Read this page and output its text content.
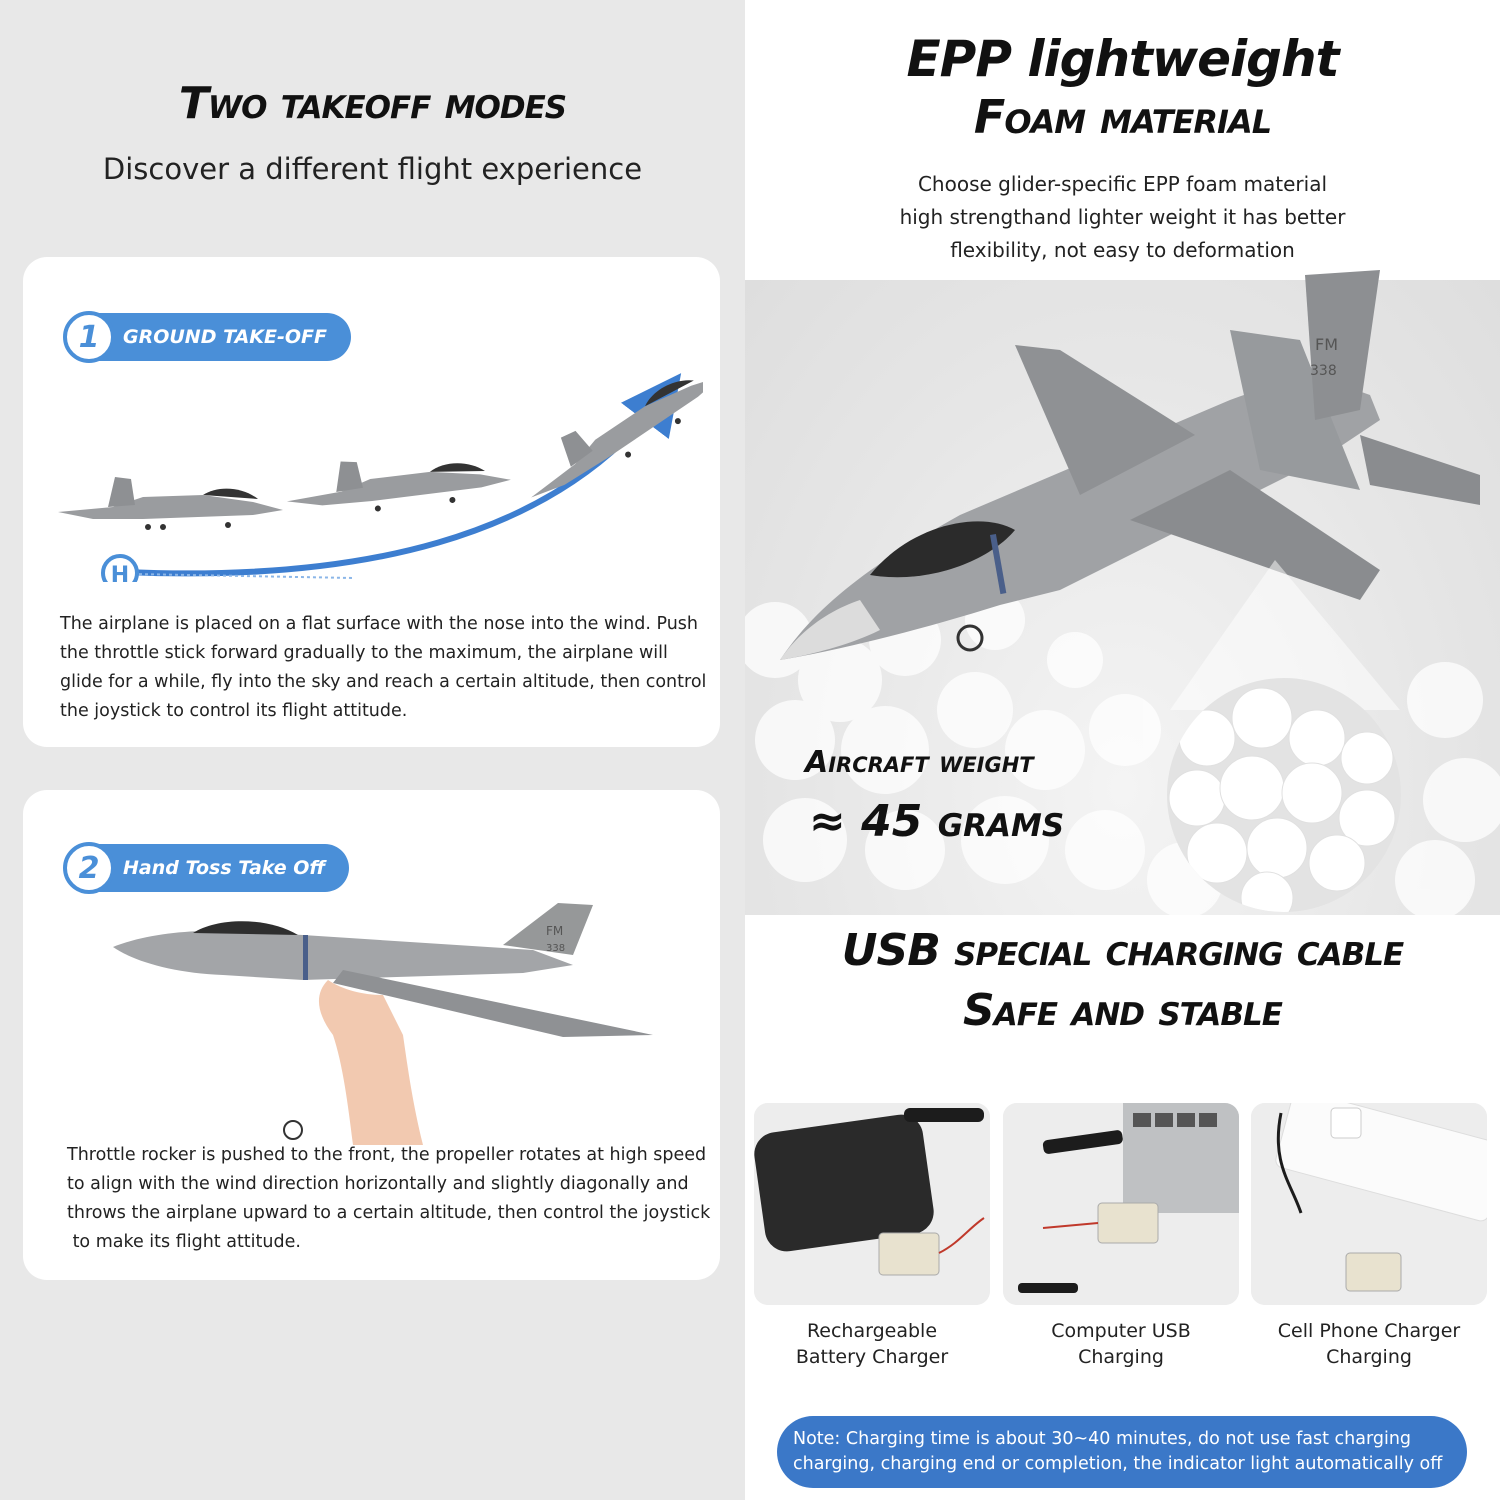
Two takeoff modes
Discover a different flight experience
1	GROUND TAKE-OFF
H
The airplane is placed on a flat surface with the nose into the wind. Push
the throttle stick forward gradually to the maximum, the airplane will
glide for a while, fly into the sky and reach a certain altitude, then control
the joystick to control its flight attitude.
2	Hand Toss Take Off
FM
338
Throttle rocker is pushed to the front, the propeller rotates at high speed
to align with the wind direction horizontally and slightly diagonally and
throws the airplane upward to a certain altitude, then control the joystick
to make its flight attitude.
EPP lightweight
Foam material
Choose glider-specific EPP foam material
high strengthand lighter weight it has better
flexibility, not easy to deformation
FM
338
Aircraft weight
≈ 45 grams
USB special charging cable
Safe and stable
Rechargeable
Battery Charger
Computer USB
Charging
Cell Phone Charger
Charging
Note: Charging time is about 30~40 minutes, do not use fast charging
charging, charging end or completion, the indicator light automatically off
